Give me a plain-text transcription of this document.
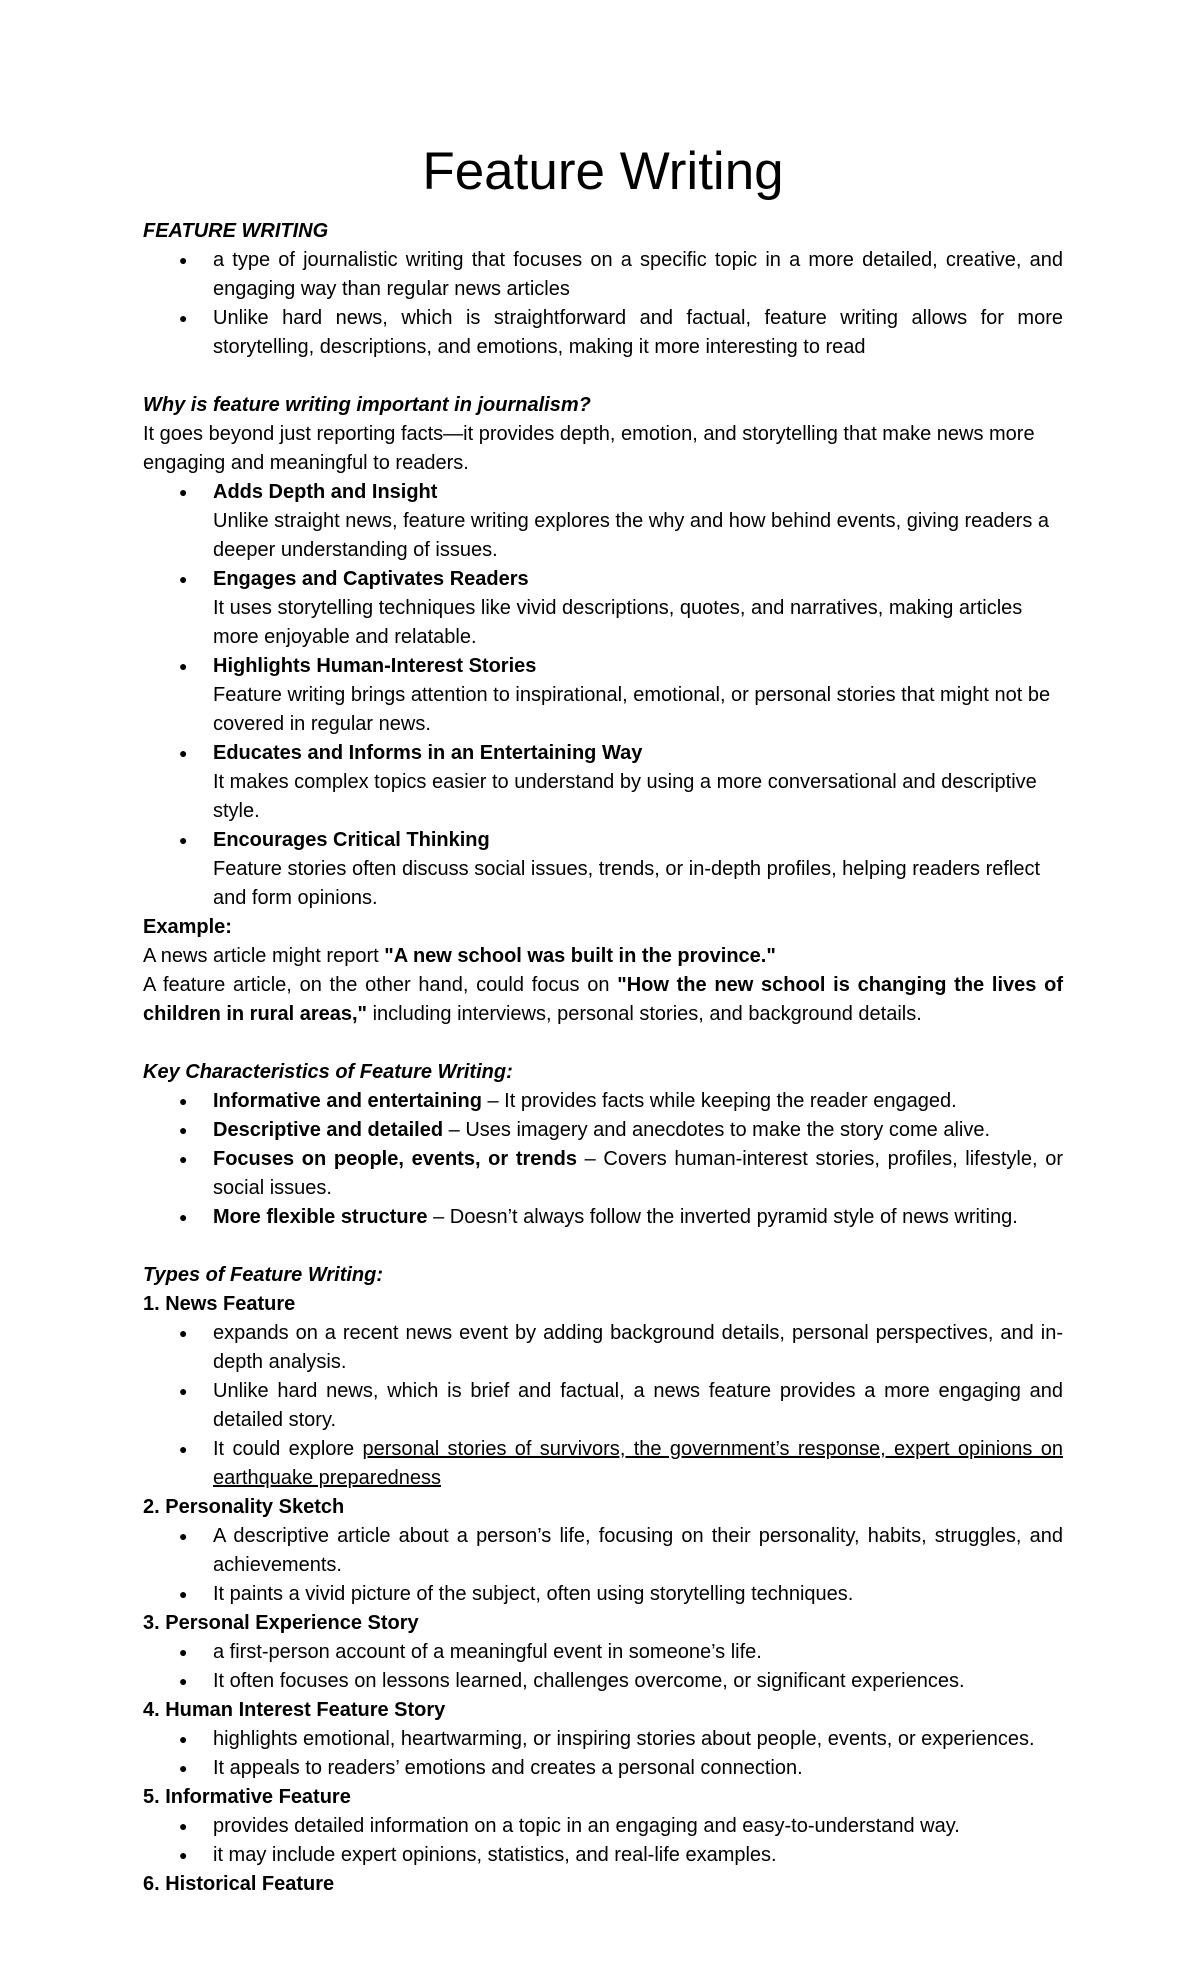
Feature Writing

FEATURE WRITING

● a type of journalistic writing that focuses on a specific topic in a more detailed, creative, and engaging way than regular news articles
● Unlike hard news, which is straightforward and factual, feature writing allows for more storytelling, descriptions, and emotions, making it more interesting to read

Why is feature writing important in journalism?

It goes beyond just reporting facts—it provides depth, emotion, and storytelling that make news more engaging and meaningful to readers.

● Adds Depth and Insight
Unlike straight news, feature writing explores the why and how behind events, giving readers a deeper understanding of issues.
● Engages and Captivates Readers
It uses storytelling techniques like vivid descriptions, quotes, and narratives, making articles more enjoyable and relatable.
● Highlights Human-Interest Stories
Feature writing brings attention to inspirational, emotional, or personal stories that might not be covered in regular news.
● Educates and Informs in an Entertaining Way
It makes complex topics easier to understand by using a more conversational and descriptive style.
● Encourages Critical Thinking
Feature stories often discuss social issues, trends, or in-depth profiles, helping readers reflect and form opinions.

Example:

A news article might report "A new school was built in the province."

A feature article, on the other hand, could focus on "How the new school is changing the lives of children in rural areas," including interviews, personal stories, and background details.

Key Characteristics of Feature Writing:

● Informative and entertaining – It provides facts while keeping the reader engaged.
● Descriptive and detailed – Uses imagery and anecdotes to make the story come alive.
● Focuses on people, events, or trends – Covers human-interest stories, profiles, lifestyle, or social issues.
● More flexible structure – Doesn’t always follow the inverted pyramid style of news writing.

Types of Feature Writing:

1. News Feature

● expands on a recent news event by adding background details, personal perspectives, and in-depth analysis.
● Unlike hard news, which is brief and factual, a news feature provides a more engaging and detailed story.
● It could explore personal stories of survivors, the government’s response, expert opinions on earthquake preparedness

2. Personality Sketch

● A descriptive article about a person’s life, focusing on their personality, habits, struggles, and achievements.
● It paints a vivid picture of the subject, often using storytelling techniques.

3. Personal Experience Story

● a first-person account of a meaningful event in someone’s life.
● It often focuses on lessons learned, challenges overcome, or significant experiences.

4. Human Interest Feature Story

● highlights emotional, heartwarming, or inspiring stories about people, events, or experiences.
● It appeals to readers’ emotions and creates a personal connection.

5. Informative Feature

● provides detailed information on a topic in an engaging and easy-to-understand way.
● it may include expert opinions, statistics, and real-life examples.

6. Historical Feature
